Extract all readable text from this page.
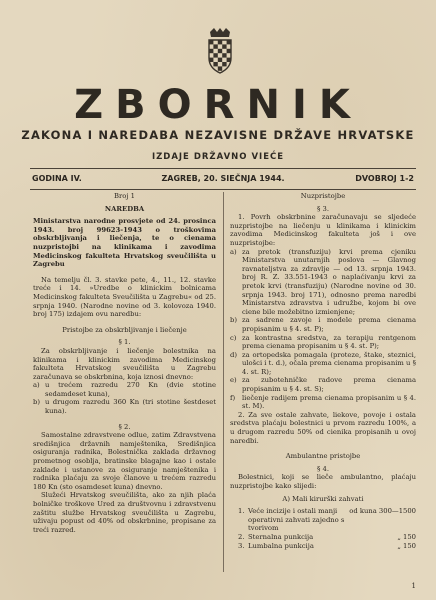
ZBORNIK
ZAKONA I NAREDABA NEZAVISNE DRŽAVE HRVATSKE
IZDAJE DRŽAVNO VIEĆE
GODINA IV.	ZAGREB, 20. SIEČNJA 1944.	DVOBROJ 1-2

Broj 1

NAREDBA

Ministarstva narodne prosvjete od 24. prosinca 1943. broj 99623-1943 o troškovima obskrbljivanja i liečenja, te o cienama nuzpristojbi na klinikama i zavodima Medicinskog fakulteta Hrvatskog sveučilišta u Zagrebu

Na temelju čl. 3. stavke pete, 4., 11., 12. stavke treće i 14. »Uredbe o klinickim bolnicama Medicinskog fakulteta Sveučilišta u Zagrebu« od 25. srpnja 1940. (Narodne novine od 3. kolovoza 1940. broj 175) izdajem ovu naredbu:

Pristojbe za obskrbljivanje i liečenje

§ 1.

Za obskrbljivanje i liečenje bolestnika na klinikama i klinickim zavodima Medicinskog fakulteta Hrvatskog sveučilišta u Zagrebu zaračunava se obskrbnina, koja iznosi dnevno:

a) u trećem razredu 270 Kn (dvie stotine sedamdeset kuna),
b) u drugom razredu 360 Kn (tri stotine šestdeset kuna).

§ 2.

Samostalne zdravstvene odlue, zatim Zdravstvena središnjica državnih namještenika, Središnjica osiguranja radnika, Bolestnička zaklada državnog prometnog osoblja, bratinske blagajne kao i ostale zaklade i ustanove za osiguranje namještenika i radnika plaćaju za svoje članove u trećem razredu 180 Kn (sto osamdeset kuna) dnevno.

Služeći Hrvatskog sveučilišta, ako za njih plaća bolničke troškove Ured za društvovnu i zdravstvenu zaštitu službe Hrvatskog sveučilišta u Zagrebu, uživaju popust od 40% od obskrbnine, propisane za treći razred.

Nuzpristojbe

§ 3.

1. Povrh obskrbnine zaračunavaju se sljedeće nuzpristojbe na liečenju u klinikama i klinickim zavodima Medicinskog fakulteta još i ove nuzpristojbe:

a) za pretok (transfuziju) krvi prema cjeniku Ministarstva unutarnjih poslova — Glavnog ravnateljstva za zdravlje — od 13. srpnja 1943. broj R. Z. 33.551-1943 o naplaćivanju krvi za pretok krvi (transfuziju) (Narodne novine od 30. srpnja 1943. broj 171), odnosno prema naredbi Ministarstva zdravstva i udružbe, kojom bi ove ciene bile možebitno izmienjene;
b) za sadrene zavoje i modele prema cienama propisanim u § 4. st. P);
c) za kontrastna sredstva, za terapiju rentgenom prema cienama propisanim u § 4. st. P);
d) za ortopedska pomagala (proteze, štake, steznici, ulošci i t. d.), očala prema cienama propisanim u § 4. st. R);
e) za zubotehničke radove prema cienama propisanim u § 4. st. S);
f)	liečenje radijem prema cienama propisanim u § 4. st. M).

2. Za sve ostale zahvate, liekove, povoje i ostala sredstva plaćaju bolestnici u prvom razredu 100%, a u drugom razredu 50% od cienika propisanih u ovoj naredbi.

Ambulantne pristojbe

§ 4.

Bolestnici, koji se liečе ambulantno, plaćaju nuzpristojbe kako slijedi:

A) Mali kirurški zahvati

1. Veće incizije i ostali manji operativni zahvati zajedno s tvorivom
od kuna 300—1500
2. Sternalna punkcija	„ 150
3. Lumbalna punkcija	„ 150
1
